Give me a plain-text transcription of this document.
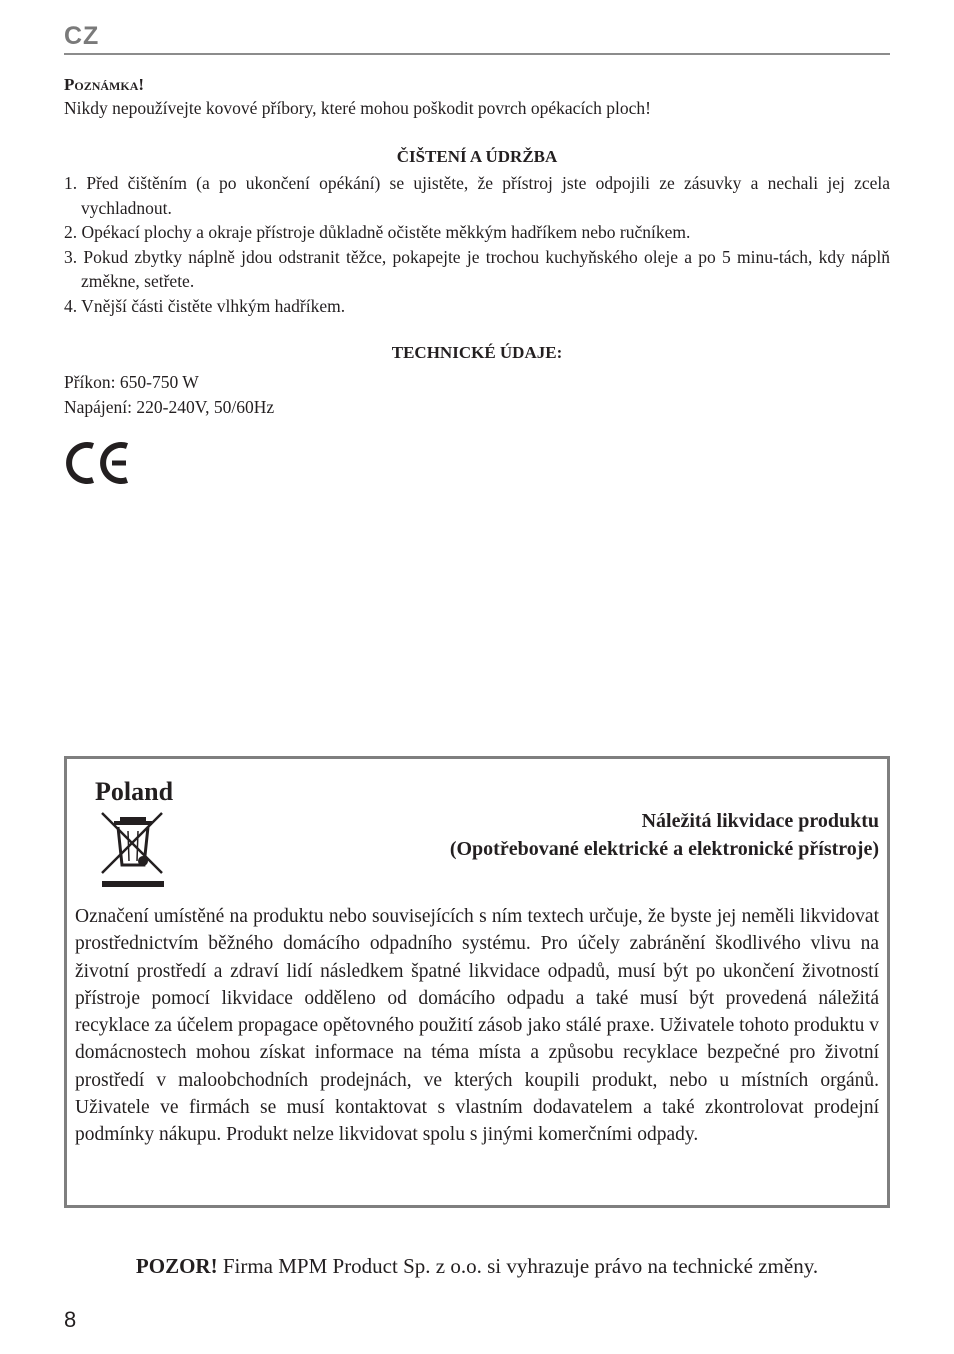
CZ
Poznámka!
Nikdy nepoužívejte kovové příbory, které mohou poškodit povrch opékacích ploch!
ČIŠTENÍ A ÚDRŽBA
1. Před čištěním (a po ukončení opékání) se ujistěte, že přístroj jste odpojili ze zásuvky a nechali jej zcela vychladnout.
2. Opékací plochy a okraje přístroje důkladně očistěte měkkým hadříkem nebo ručníkem.
3. Pokud zbytky náplně jdou odstranit těžce, pokapejte je trochou kuchyňského oleje a po 5 minu-tách, kdy náplň změkne, setřete.
4. Vnější části čistěte vlhkým hadříkem.
TECHNICKÉ ÚDAJE:
Příkon: 650-750 W
Napájení: 220-240V, 50/60Hz
Poland
Náležitá likvidace produktu
(Opotřebované elektrické a elektronické přístroje)
Označení umístěné na produktu nebo souvisejících s ním textech určuje, že byste jej neměli likvidovat prostřednictvím běžného domácího odpadního systému. Pro účely zabránění škodlivého vlivu na životní prostředí a zdraví lidí následkem špatné likvidace odpadů, musí být po ukončení životností přístroje pomocí likvidace odděleno od domácího odpadu a také musí být provedená náležitá recyklace za účelem propagace opětovného použití zásob jako stálé praxe. Uživatele tohoto produktu v domácnostech mohou získat informace na téma místa a způsobu recyklace bezpečné pro životní prostředí v maloobchodních prodejnách, ve kterých koupili produkt, nebo u místních orgánů. Uživatele ve firmách se musí kontaktovat s vlastním dodavatelem a také zkontrolovat prodejní podmínky nákupu. Produkt nelze likvidovat spolu s jinými komerčními odpady.
POZOR! Firma MPM Product Sp. z o.o. si vyhrazuje právo na technické změny.
8
